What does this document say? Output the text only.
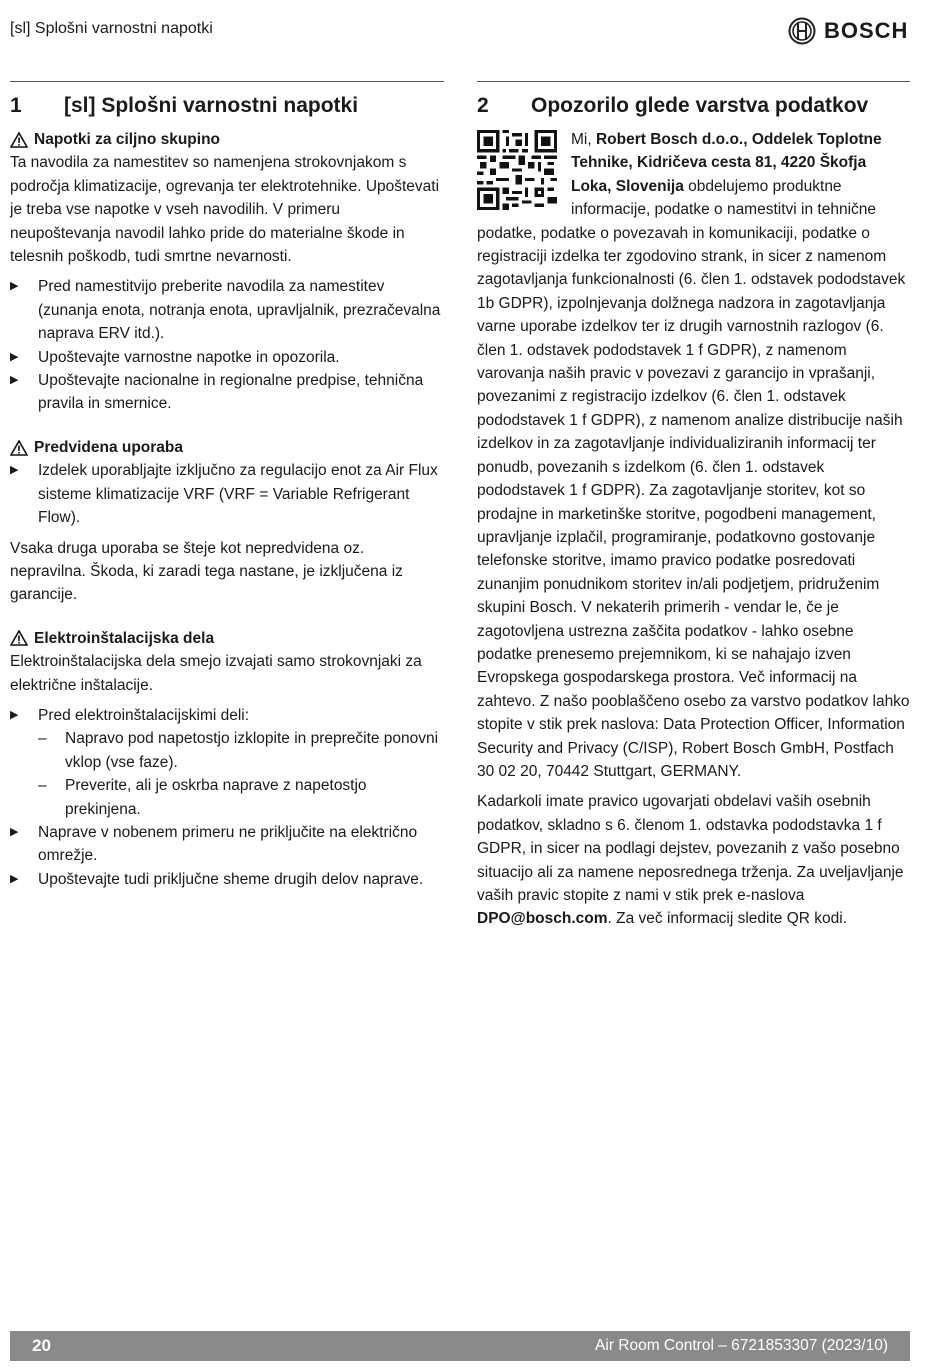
[sl] Splošni varnostni napotki	BOSCH
1	[sl] Splošni varnostni napotki
Napotki za ciljno skupino

Ta navodila za namestitev so namenjena strokovnjakom s področja klimatizacije, ogrevanja ter elektrotehnike. Upoštevati je treba vse napotke v vseh navodilih. V primeru neupoštevanja navodil lahko pride do materialne škode in telesnih poškodb, tudi smrtne nevarnosti.

▶	Pred namestitvijo preberite navodila za namestitev (zunanja enota, notranja enota, upravljalnik, prezračevalna naprava ERV itd.).
▶	Upoštevajte varnostne napotke in opozorila.
▶	Upoštevajte nacionalne in regionalne predpise, tehnična pravila in smernice.
Predvidena uporaba
▶	Izdelek uporabljajte izključno za regulacijo enot za Air Flux sisteme klimatizacije VRF (VRF = Variable Refrigerant Flow).

Vsaka druga uporaba se šteje kot nepredvidena oz. nepravilna. Škoda, ki zaradi tega nastane, je izključena iz garancije.

Elektroinštalacijska dela

Elektroinštalacijska dela smejo izvajati samo strokovnjaki za električne inštalacije.

▶	Pred elektroinštalacijskimi deli:
–	Napravo pod napetostjo izklopite in preprečite ponovni vklop (vse faze).
–	Preverite, ali je oskrba naprave z napetostjo prekinjena.
▶	Naprave v nobenem primeru ne priključite na električno omrežje.
▶	Upoštevajte tudi priključne sheme drugih delov naprave.
2	Opozorilo glede varstva podatkov

Mi, Robert Bosch d.o.o., Oddelek Toplotne Tehnike, Kidričeva cesta 81, 4220 Škofja Loka, Slovenija obdelujemo produktne informacije, podatke o namestitvi in tehnične podatke, podatke o povezavah in komunikaciji, podatke o registraciji izdelka ter zgodovino strank, in sicer z namenom zagotavljanja funkcionalnosti (6. člen 1. odstavek pododstavek 1b GDPR), izpolnjevanja dolžnega nadzora in zagotavljanja varne uporabe izdelkov ter iz drugih varnostnih razlogov (6. člen 1. odstavek pododstavek 1 f GDPR), z namenom varovanja naših pravic v povezavi z garancijo in vprašanji, povezanimi z registracijo izdelkov (6. člen 1. odstavek pododstavek 1 f GDPR), z namenom analize distribucije naših izdelkov in za zagotavljanje individualiziranih informacij ter ponudb, povezanih s izdelkom (6. člen 1. odstavek pododstavek 1 f GDPR). Za zagotavljanje storitev, kot so prodajne in marketinške storitve, pogodbeni management, upravljanje izplačil, programiranje, podatkovno gostovanje telefonske storitve, imamo pravico podatke posredovati zunanjim ponudnikom storitev in/ali podjetjem, pridruženim skupini Bosch. V nekaterih primerih - vendar le, če je zagotovljena ustrezna zaščita podatkov - lahko osebne podatke prenesemo prejemnikom, ki se nahajajo izven Evropskega gospodarskega prostora. Več informacij na zahtevo. Z našo pooblaščeno osebo za varstvo podatkov lahko stopite v stik prek naslova: Data Protection Officer, Information Security and Privacy (C/ISP), Robert Bosch GmbH, Postfach 30 02 20, 70442 Stuttgart, GERMANY.

Kadarkoli imate pravico ugovarjati obdelavi vaših osebnih podatkov, skladno s 6. členom 1. odstavka pododstavka 1 f GDPR, in sicer na podlagi dejstev, povezanih z vašo posebno situacijo ali za namene neposrednega trženja. Za uveljavljanje vaših pravic stopite z nami v stik prek e-naslova DPO@bosch.com. Za več informacij sledite QR kodi.

20	Air Room Control – 6721853307 (2023/10)
